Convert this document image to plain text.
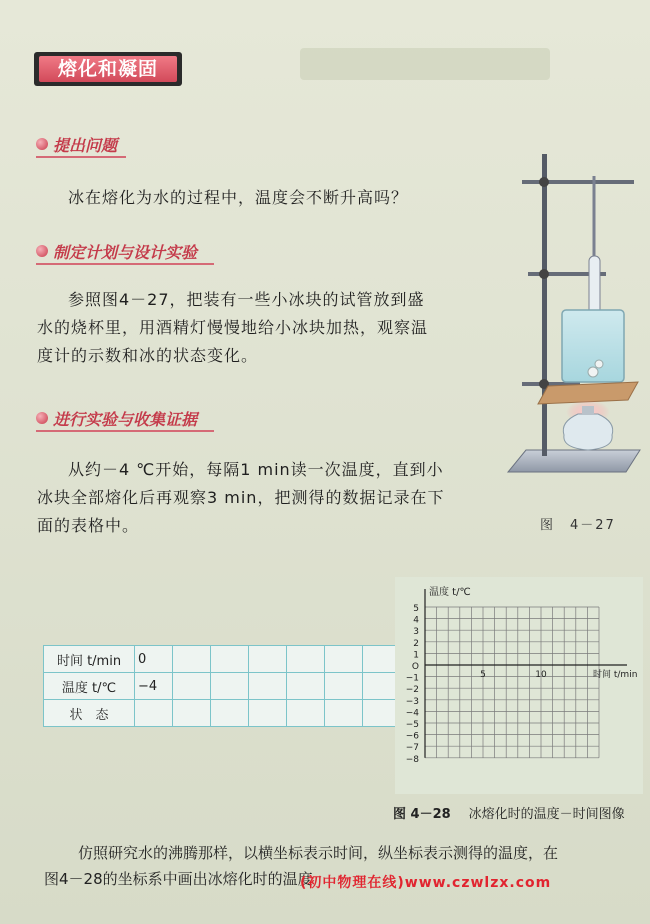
熔化和凝固
提出问题
冰在熔化为水的过程中，温度会不断升高吗？
制定计划与设计实验
参照图4－27，把装有一些小冰块的试管放到盛
水的烧杯里，用酒精灯慢慢地给小冰块加热，观察温
度计的示数和冰的状态变化。
进行实验与收集证据
从约－4 ℃开始，每隔1 min读一次温度，直到小
冰块全部熔化后再观察3 min，把测得的数据记录在下
面的表格中。	图　4－27
时间 t/min	0							
温度 t/℃	−4							
状　态								
5
4
3
2
1
O
−1
−2
−3
−4
−5
−6
−7
−8
5	10
温度 t/℃
时间 t/min
图 4－28 冰熔化时的温度－时间图像
仿照研究水的沸腾那样，以横坐标表示时间，纵坐标表示测得的温度，在
图4－28的坐标系中画出冰熔化时的温度
(初中物理在线)www.czwlzx.com
